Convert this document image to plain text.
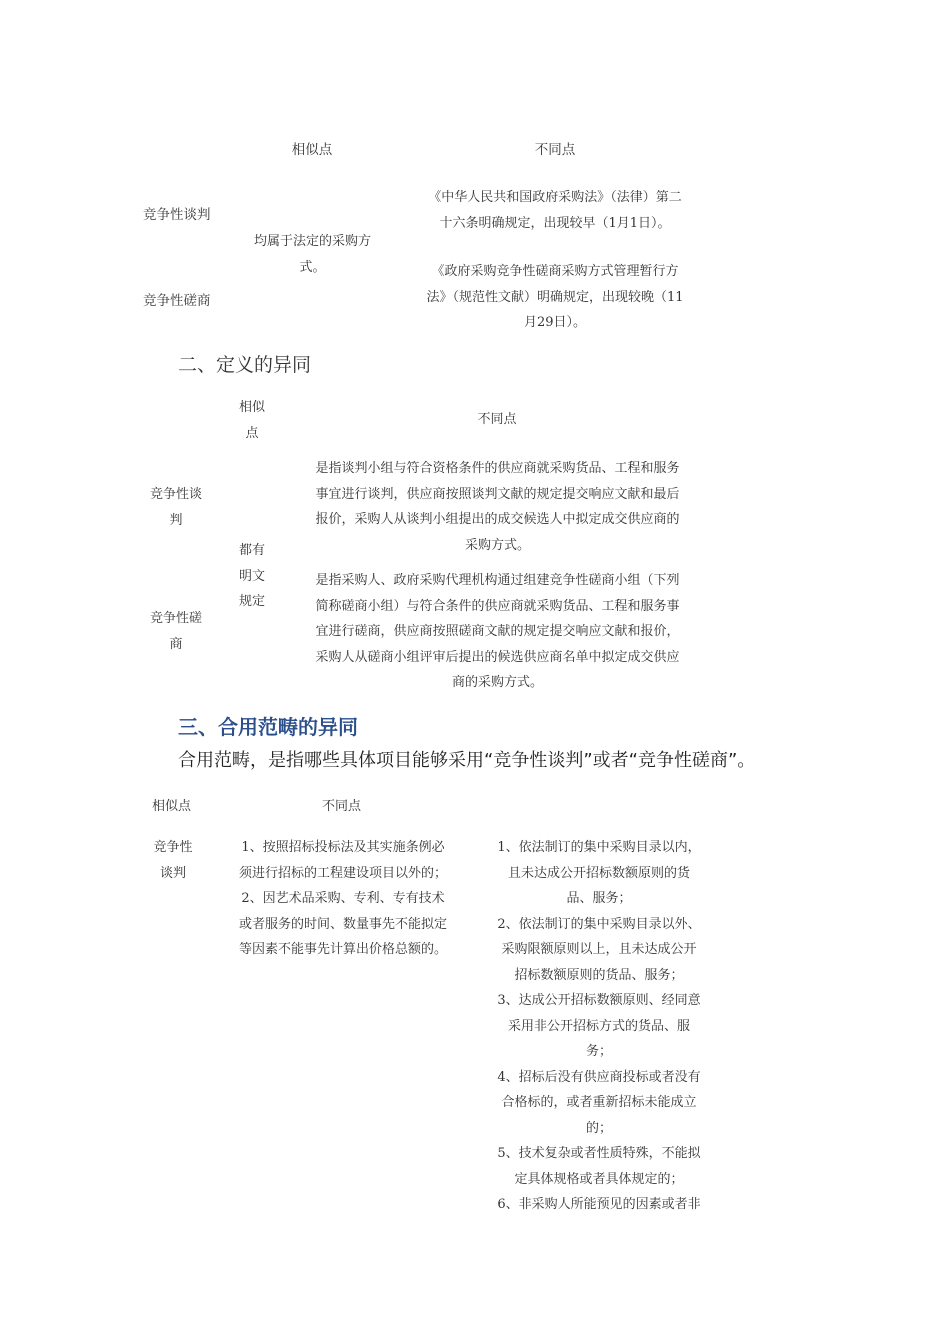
相似点	不同点
竞争性谈判
竞争性磋商
均属于法定的采购方
式。
《中华人民共和国政府采购法》（法律）第二
十六条明确规定，出现较早（1月1日）。
《政府采购竞争性磋商采购方式管理暂行方
法》（规范性文献）明确规定，出现较晚（11
月29日）。
二、定义的异同
相似
点
不同点
竞争性谈
判
竞争性磋
商
都有
明文
规定
是指谈判小组与符合资格条件的供应商就采购货品、工程和服务
事宜进行谈判，供应商按照谈判文献的规定提交响应文献和最后
报价，采购人从谈判小组提出的成交候选人中拟定成交供应商的
采购方式。
是指采购人、政府采购代理机构通过组建竞争性磋商小组（下列
简称磋商小组）与符合条件的供应商就采购货品、工程和服务事
宜进行磋商，供应商按照磋商文献的规定提交响应文献和报价，
采购人从磋商小组评审后提出的候选供应商名单中拟定成交供应
商的采购方式。
三、合用范畴的异同
合用范畴，是指哪些具体项目能够采用“竞争性谈判”或者“竞争性磋商”。
相似点	不同点
竞争性
谈判
1、按照招标投标法及其实施条例必
须进行招标的工程建设项目以外的；
2、因艺术品采购、专利、专有技术
或者服务的时间、数量事先不能拟定
等因素不能事先计算出价格总额的。
1、依法制订的集中采购目录以内，
且未达成公开招标数额原则的货
品、服务；
2、依法制订的集中采购目录以外、
采购限额原则以上，且未达成公开
招标数额原则的货品、服务；
3、达成公开招标数额原则、经同意
采用非公开招标方式的货品、服
务；
4、招标后没有供应商投标或者没有
合格标的，或者重新招标未能成立
的；
5、技术复杂或者性质特殊，不能拟
定具体规格或者具体规定的；
6、非采购人所能预见的因素或者非
